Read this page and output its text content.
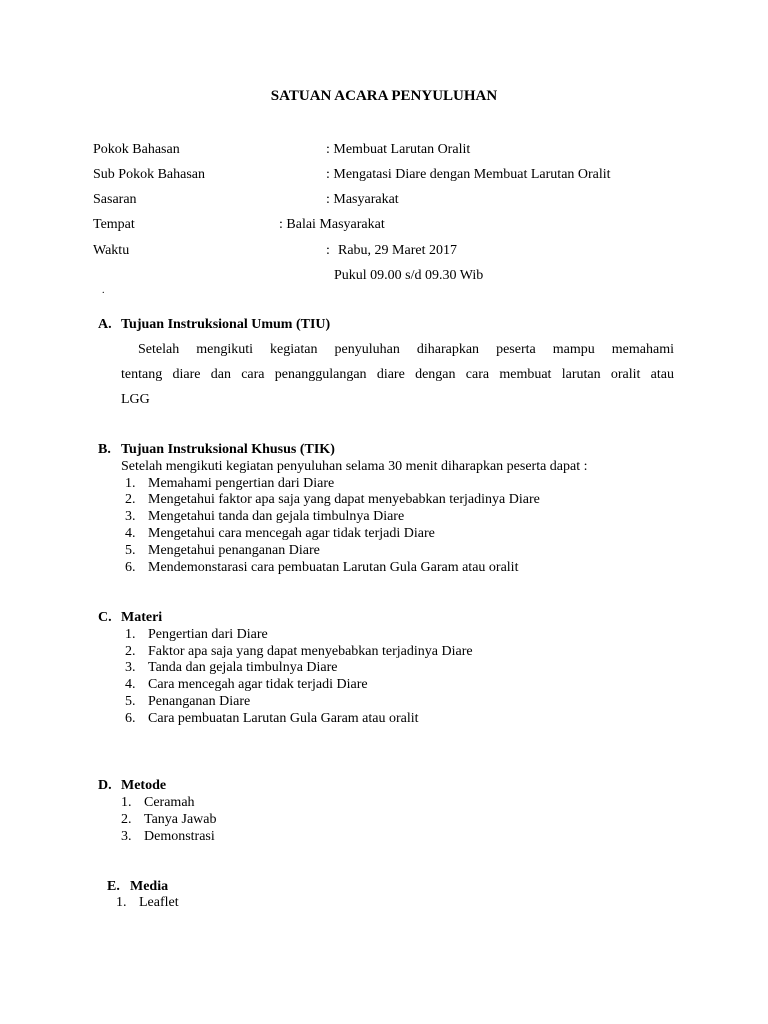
SATUAN ACARA PENYULUHAN
Pokok Bahasan	: Membuat Larutan Oralit
Sub Pokok Bahasan	: Mengatasi Diare dengan Membuat Larutan Oralit
Sasaran	: Masyarakat
Tempat	: Balai Masyarakat
Waktu	: Rabu, 29 Maret 2017
Pukul 09.00 s/d 09.30 Wib
.
A. Tujuan Instruksional Umum (TIU)
Setelah mengikuti kegiatan penyuluhan diharapkan peserta mampu memahami
tentang diare dan cara penanggulangan diare dengan cara membuat larutan oralit atau
LGG
B. Tujuan Instruksional Khusus (TIK)
Setelah mengikuti kegiatan penyuluhan selama 30 menit diharapkan peserta dapat :
1. Memahami pengertian dari Diare
2. Mengetahui faktor apa saja yang dapat menyebabkan terjadinya Diare
3. Mengetahui tanda dan gejala timbulnya Diare
4. Mengetahui cara mencegah agar tidak terjadi Diare
5. Mengetahui penanganan Diare
6. Mendemonstarasi cara pembuatan Larutan Gula Garam atau oralit
C. Materi
1. Pengertian dari Diare
2. Faktor apa saja yang dapat menyebabkan terjadinya Diare
3. Tanda dan gejala timbulnya Diare
4. Cara mencegah agar tidak terjadi Diare
5. Penanganan Diare
6. Cara pembuatan Larutan Gula Garam atau oralit
D. Metode
1. Ceramah
2. Tanya Jawab
3. Demonstrasi
E. Media
1. Leaflet
